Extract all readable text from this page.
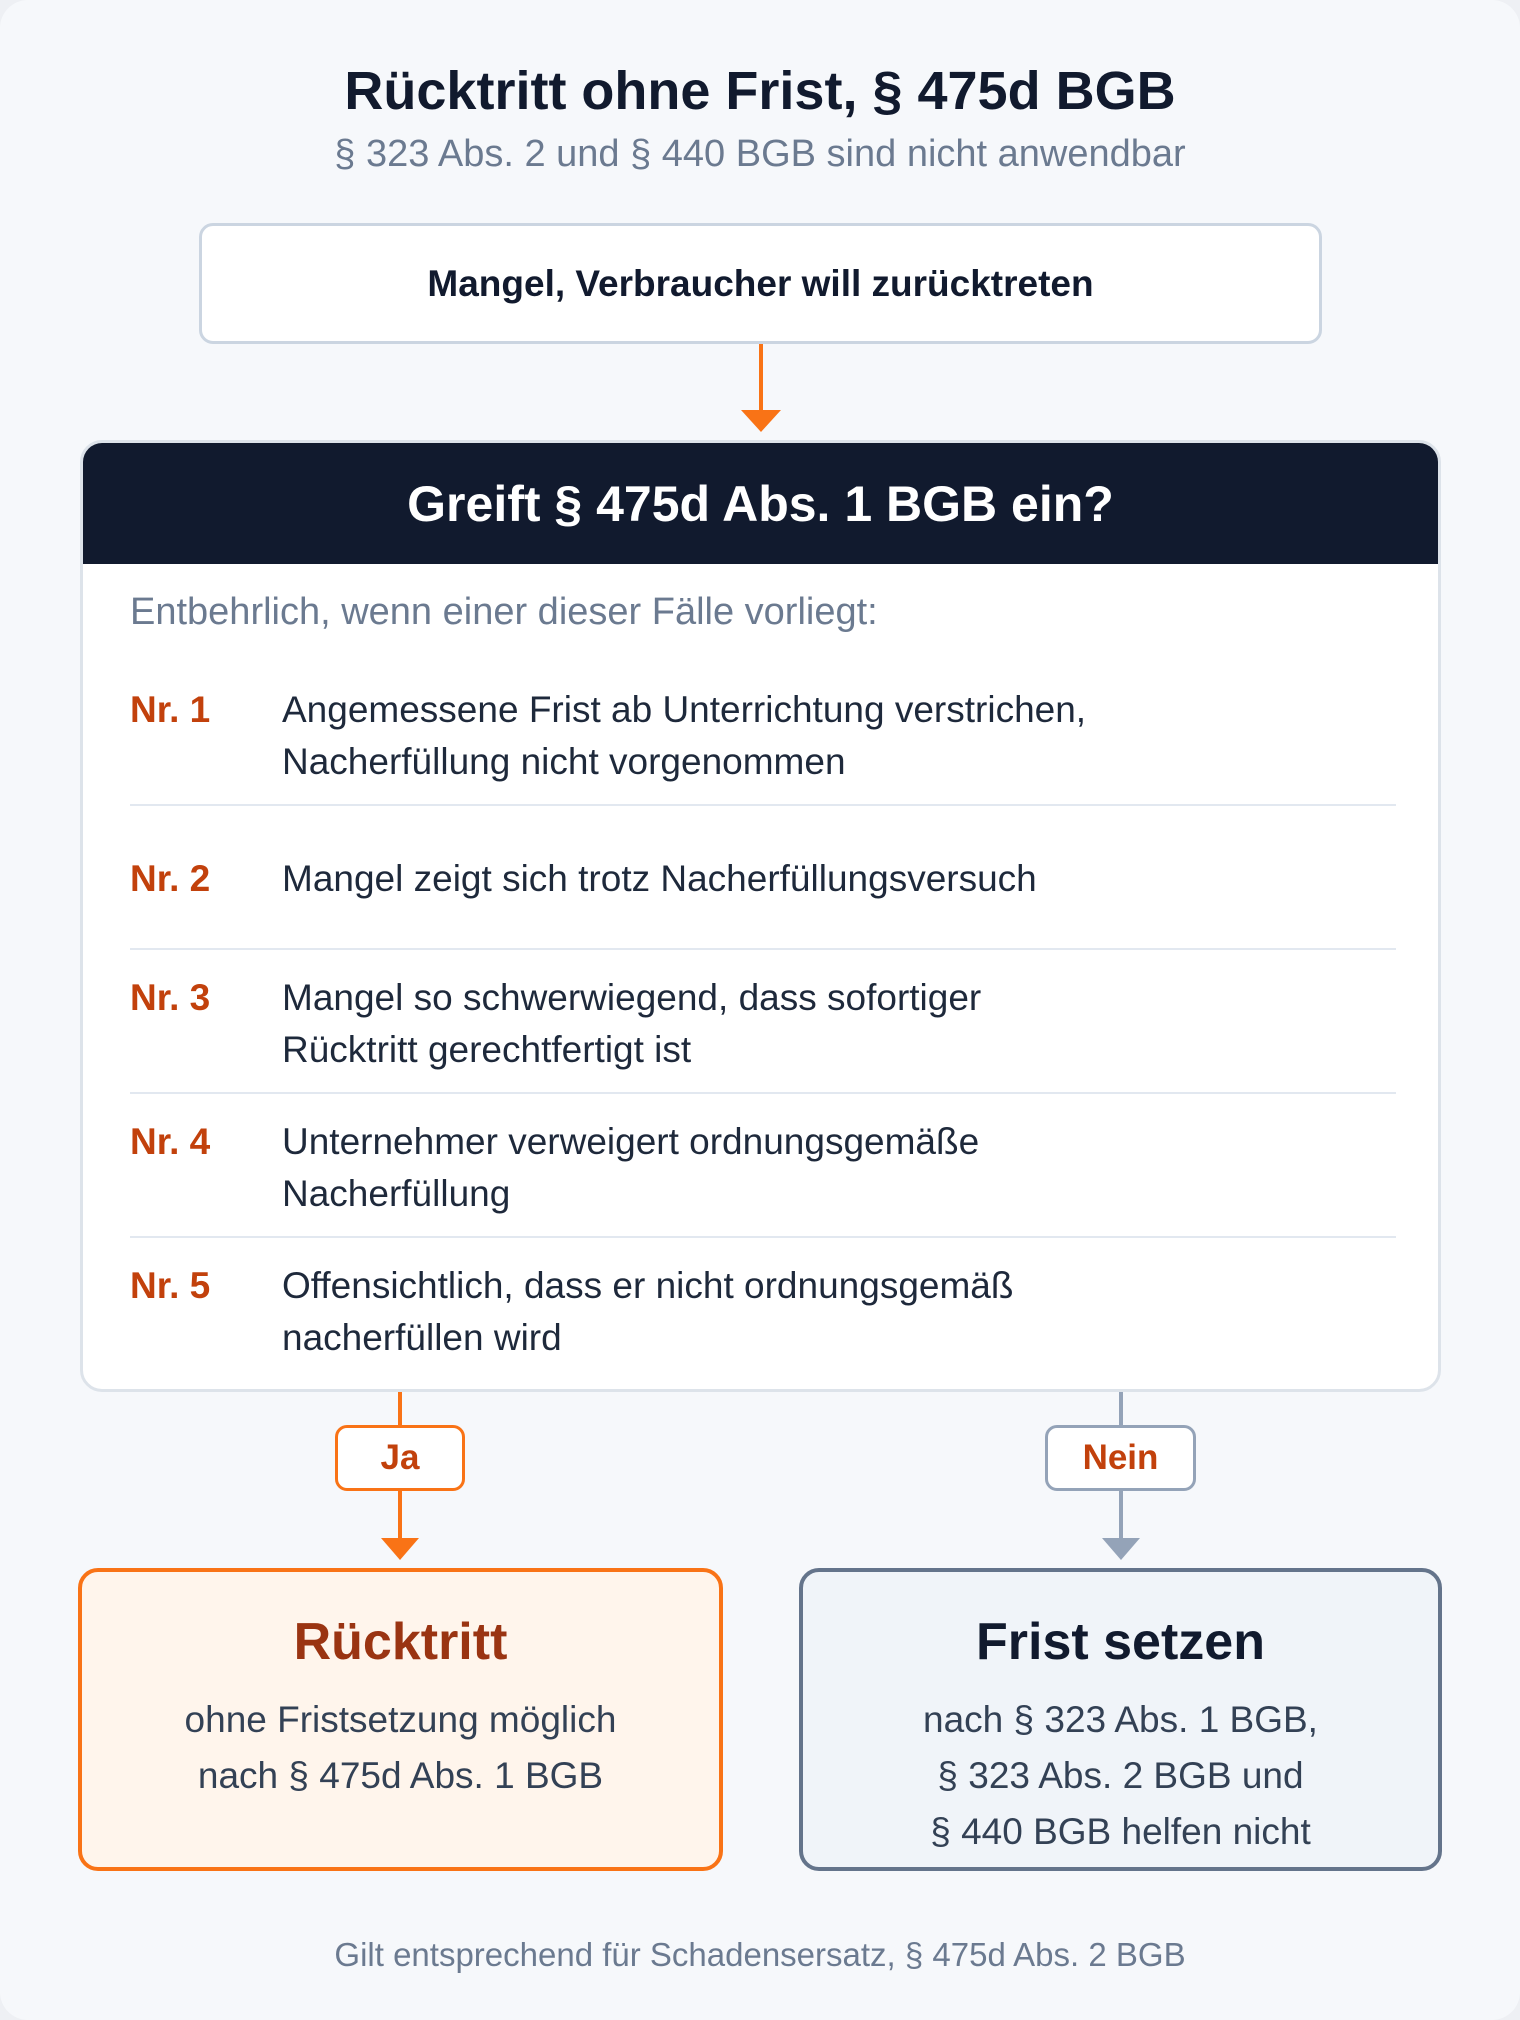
Rücktritt ohne Frist, § 475d BGB
§ 323 Abs. 2 und § 440 BGB sind nicht anwendbar
Mangel, Verbraucher will zurücktreten
Greift § 475d Abs. 1 BGB ein?
Entbehrlich, wenn einer dieser Fälle vorliegt:
Nr. 1	Angemessene Frist ab Unterrichtung verstrichen,
Nacherfüllung nicht vorgenommen
Nr. 2	Mangel zeigt sich trotz Nacherfüllungsversuch
Nr. 3	Mangel so schwerwiegend, dass sofortiger
Rücktritt gerechtfertigt ist
Nr. 4	Unternehmer verweigert ordnungsgemäße
Nacherfüllung
Nr. 5	Offensichtlich, dass er nicht ordnungsgemäß
nacherfüllen wird
Ja	Nein
Rücktritt

ohne Fristsetzung möglich
nach § 475d Abs. 1 BGB

Frist setzen

nach § 323 Abs. 1 BGB,
§ 323 Abs. 2 BGB und
§ 440 BGB helfen nicht

Gilt entsprechend für Schadensersatz, § 475d Abs. 2 BGB
